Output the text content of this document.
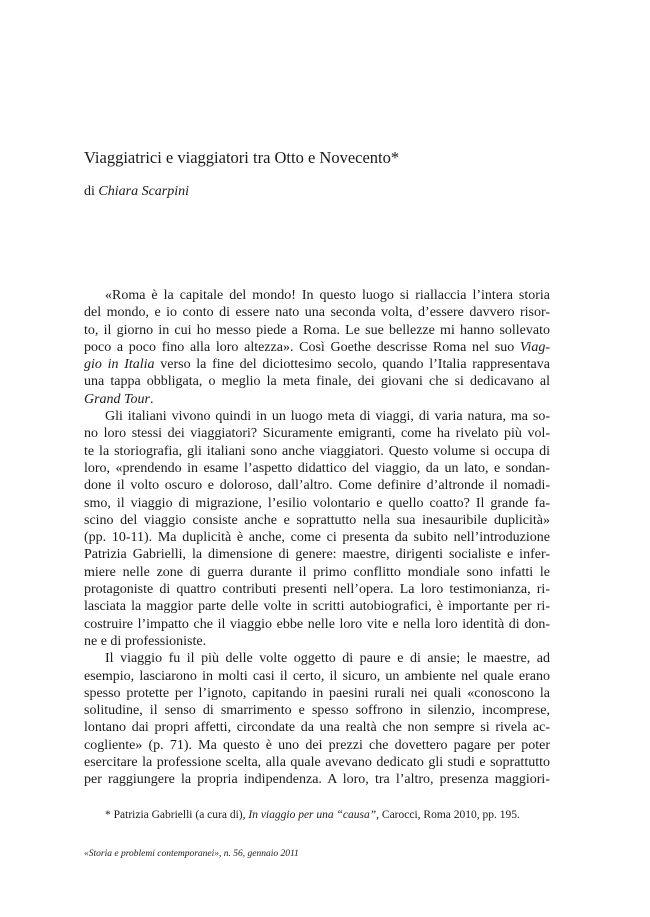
Viaggiatrici e viaggiatori tra Otto e Novecento*
di Chiara Scarpini
«Roma è la capitale del mondo! In questo luogo si riallaccia l’intera storia
del mondo, e io conto di essere nato una seconda volta, d’essere davvero risor-
to, il giorno in cui ho messo piede a Roma. Le sue bellezze mi hanno sollevato
poco a poco fino alla loro altezza». Così Goethe descrisse Roma nel suo Viag-
gio in Italia verso la fine del diciottesimo secolo, quando l’Italia rappresentava
una tappa obbligata, o meglio la meta finale, dei giovani che si dedicavano al
Grand Tour.
Gli italiani vivono quindi in un luogo meta di viaggi, di varia natura, ma so-
no loro stessi dei viaggiatori? Sicuramente emigranti, come ha rivelato più vol-
te la storiografia, gli italiani sono anche viaggiatori. Questo volume si occupa di
loro, «prendendo in esame l’aspetto didattico del viaggio, da un lato, e sondan-
done il volto oscuro e doloroso, dall’altro. Come definire d’altronde il nomadi-
smo, il viaggio di migrazione, l’esilio volontario e quello coatto? Il grande fa-
scino del viaggio consiste anche e soprattutto nella sua inesauribile duplicità»
(pp. 10-11). Ma duplicità è anche, come ci presenta da subito nell’introduzione
Patrizia Gabrielli, la dimensione di genere: maestre, dirigenti socialiste e infer-
miere nelle zone di guerra durante il primo conflitto mondiale sono infatti le
protagoniste di quattro contributi presenti nell’opera. La loro testimonianza, ri-
lasciata la maggior parte delle volte in scritti autobiografici, è importante per ri-
costruire l’impatto che il viaggio ebbe nelle loro vite e nella loro identità di don-
ne e di professioniste.
Il viaggio fu il più delle volte oggetto di paure e di ansie; le maestre, ad
esempio, lasciarono in molti casi il certo, il sicuro, un ambiente nel quale erano
spesso protette per l’ignoto, capitando in paesini rurali nei quali «conoscono la
solitudine, il senso di smarrimento e spesso soffrono in silenzio, incomprese,
lontano dai propri affetti, circondate da una realtà che non sempre si rivela ac-
cogliente» (p. 71). Ma questo è uno dei prezzi che dovettero pagare per poter
esercitare la professione scelta, alla quale avevano dedicato gli studi e soprattutto
per raggiungere la propria indipendenza. A loro, tra l’altro, presenza maggiori-
* Patrizia Gabrielli (a cura di), In viaggio per una “causa”, Carocci, Roma 2010, pp. 195.
«Storia e problemi contemporanei», n. 56, gennaio 2011
